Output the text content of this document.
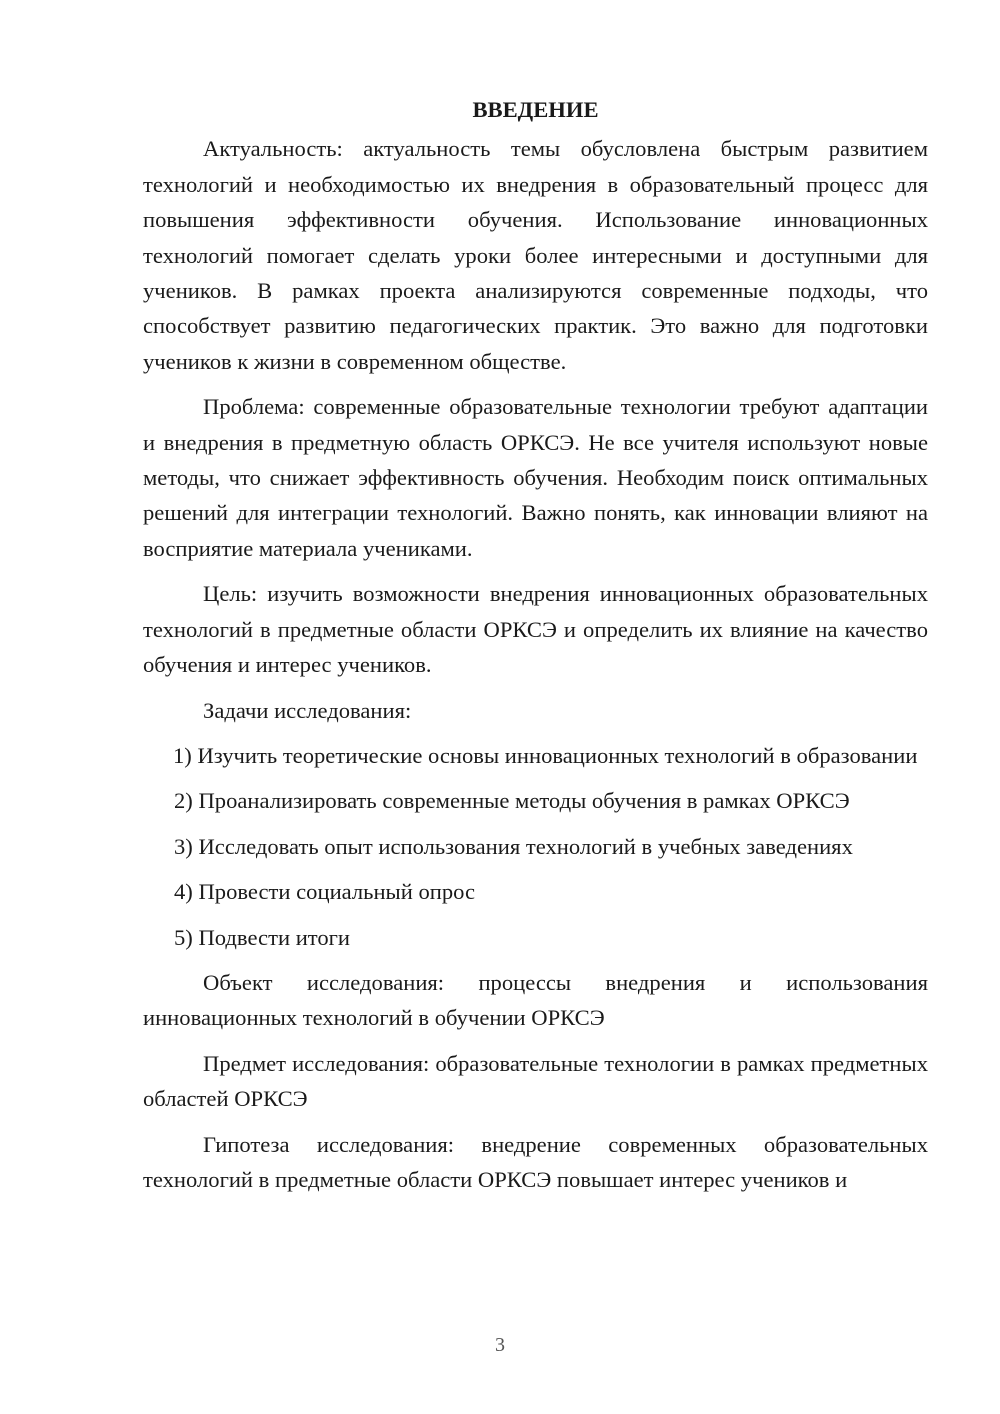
ВВЕДЕНИЕ

Актуальность: актуальность темы обусловлена быстрым развитием технологий и необходимостью их внедрения в образовательный процесс для повышения эффективности обучения. Использование инновационных технологий помогает сделать уроки более интересными и доступными для учеников. В рамках проекта анализируются современные подходы, что способствует развитию педагогических практик. Это важно для подготовки учеников к жизни в современном обществе.

Проблема: современные образовательные технологии требуют адаптации и внедрения в предметную область ОРКСЭ. Не все учителя используют новые методы, что снижает эффективность обучения. Необходим поиск оптимальных решений для интеграции технологий. Важно понять, как инновации влияют на восприятие материала учениками.

Цель: изучить возможности внедрения инновационных образовательных технологий в предметные области ОРКСЭ и определить их влияние на качество обучения и интерес учеников.

Задачи исследования:

1) Изучить теоретические основы инновационных технологий в образовании

2) Проанализировать современные методы обучения в рамках ОРКСЭ

3) Исследовать опыт использования технологий в учебных заведениях

4) Провести социальный опрос

5) Подвести итоги

Объект исследования: процессы внедрения и использования инновационных технологий в обучении ОРКСЭ

Предмет исследования: образовательные технологии в рамках предметных областей ОРКСЭ

Гипотеза исследования: внедрение современных образовательных технологий в предметные области ОРКСЭ повышает интерес учеников и

3
